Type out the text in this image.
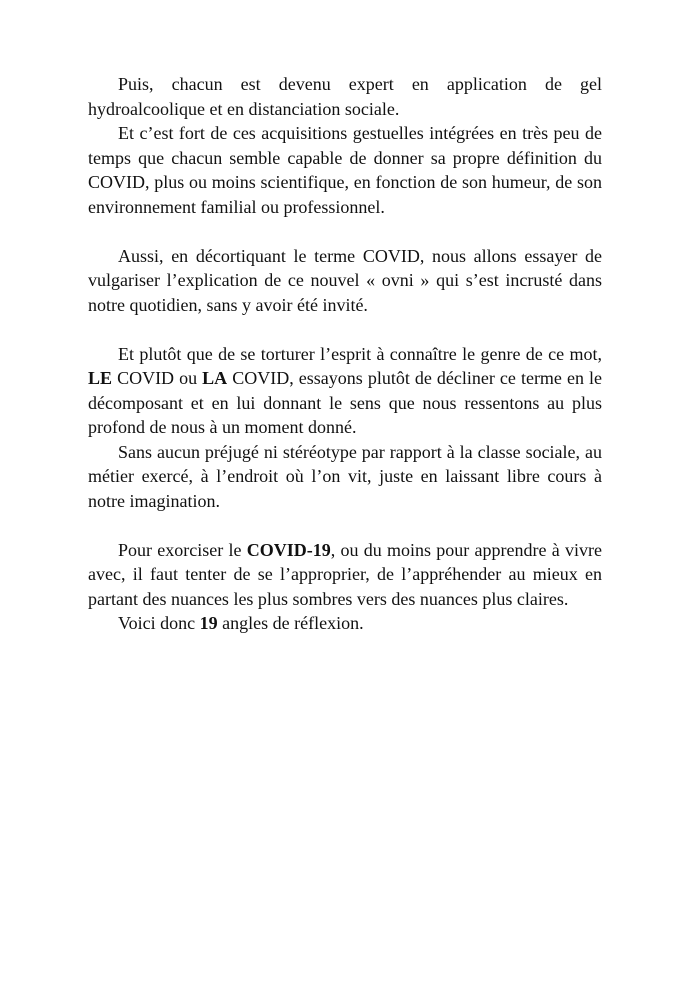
Puis, chacun est devenu expert en application de gel hydroalcoolique et en distanciation sociale.

Et c’est fort de ces acquisitions gestuelles intégrées en très peu de temps que chacun semble capable de donner sa propre définition du COVID, plus ou moins scientifique, en fonction de son humeur, de son environnement familial ou professionnel.

Aussi, en décortiquant le terme COVID, nous allons essayer de vulgariser l’explication de ce nouvel « ovni » qui s’est incrusté dans notre quotidien, sans y avoir été invité.

Et plutôt que de se torturer l’esprit à connaître le genre de ce mot, LE COVID ou LA COVID, essayons plutôt de décliner ce terme en le décomposant et en lui donnant le sens que nous ressentons au plus profond de nous à un moment donné.

Sans aucun préjugé ni stéréotype par rapport à la classe sociale, au métier exercé, à l’endroit où l’on vit, juste en laissant libre cours à notre imagination.

Pour exorciser le COVID-19, ou du moins pour apprendre à vivre avec, il faut tenter de se l’approprier, de l’appréhender au mieux en partant des nuances les plus sombres vers des nuances plus claires.

Voici donc 19 angles de réflexion.
